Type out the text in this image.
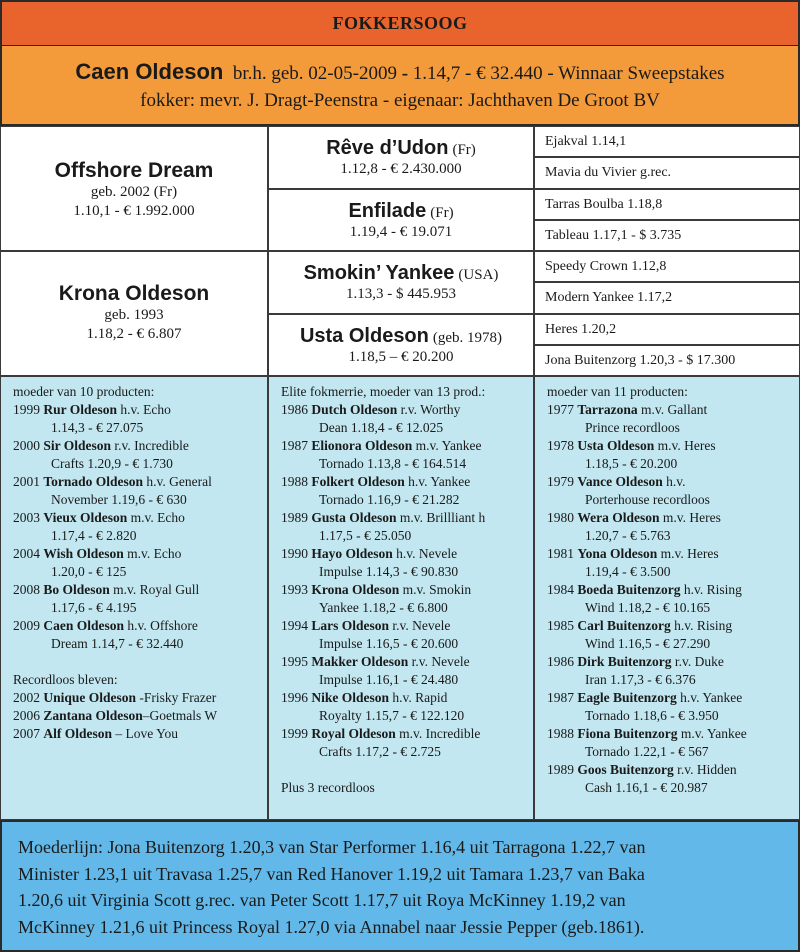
FOKKERSOOG
Caen Oldeson br.h. geb. 02-05-2009 - 1.14,7 - € 32.440 - Winnaar Sweepstakes
fokker: mevr. J. Dragt-Peenstra - eigenaar: Jachthaven De Groot BV
Offshore Dream
geb. 2002 (Fr)
1.10,1 - € 1.992.000
Krona Oldeson
geb. 1993
1.18,2 - € 6.807
Rêve d’Udon (Fr)
1.12,8 - € 2.430.000
Enfilade (Fr)
1.19,4 - € 19.071
Smokin’ Yankee (USA)
1.13,3 - $ 445.953
Usta Oldeson (geb. 1978)
1.18,5 – € 20.200
Ejakval 1.14,1
Mavia du Vivier g.rec.
Tarras Boulba 1.18,8
Tableau 1.17,1 - $ 3.735
Speedy Crown 1.12,8
Modern Yankee 1.17,2
Heres 1.20,2
Jona Buitenzorg 1.20,3 - $ 17.300
moeder van 10 producten:
1999 Rur Oldeson h.v. Echo
1.14,3 - € 27.075
2000 Sir Oldeson r.v. Incredible
Crafts 1.20,9 - € 1.730
2001 Tornado Oldeson h.v. General
November 1.19,6 - € 630
2003 Vieux Oldeson m.v. Echo
1.17,4 - € 2.820
2004 Wish Oldeson m.v. Echo
1.20,0 - € 125
2008 Bo Oldeson m.v. Royal Gull
1.17,6 - € 4.195
2009 Caen Oldeson h.v. Offshore
Dream 1.14,7 - € 32.440
Recordloos bleven:
2002 Unique Oldeson -Frisky Frazer
2006 Zantana Oldeson–Goetmals W
2007 Alf Oldeson – Love You
Elite fokmerrie, moeder van 13 prod.:
1986 Dutch Oldeson r.v. Worthy
Dean 1.18,4 - € 12.025
1987 Elionora Oldeson m.v. Yankee
Tornado 1.13,8 - € 164.514
1988 Folkert Oldeson h.v. Yankee
Tornado 1.16,9 - € 21.282
1989 Gusta Oldeson m.v. Brillliant h
1.17,5 - € 25.050
1990 Hayo Oldeson h.v. Nevele
Impulse 1.14,3 - € 90.830
1993 Krona Oldeson m.v. Smokin
Yankee 1.18,2 - € 6.800
1994 Lars Oldeson r.v. Nevele
Impulse 1.16,5 - € 20.600
1995 Makker Oldeson r.v. Nevele
Impulse 1.16,1 - € 24.480
1996 Nike Oldeson h.v. Rapid
Royalty 1.15,7 - € 122.120
1999 Royal Oldeson m.v. Incredible
Crafts 1.17,2 - € 2.725
Plus 3 recordloos
moeder van 11 producten:
1977 Tarrazona m.v. Gallant
Prince recordloos
1978 Usta Oldeson m.v. Heres
1.18,5 - € 20.200
1979 Vance Oldeson h.v.
Porterhouse recordloos
1980 Wera Oldeson m.v. Heres
1.20,7 - € 5.763
1981 Yona Oldeson m.v. Heres
1.19,4 - € 3.500
1984 Boeda Buitenzorg h.v. Rising
Wind 1.18,2 - € 10.165
1985 Carl Buitenzorg h.v. Rising
Wind 1.16,5 - € 27.290
1986 Dirk Buitenzorg r.v. Duke
Iran 1.17,3 - € 6.376
1987 Eagle Buitenzorg h.v. Yankee
Tornado 1.18,6 - € 3.950
1988 Fiona Buitenzorg m.v. Yankee
Tornado 1.22,1 - € 567
1989 Goos Buitenzorg r.v. Hidden
Cash 1.16,1 - € 20.987
Moederlijn: Jona Buitenzorg 1.20,3 van Star Performer 1.16,4 uit Tarragona 1.22,7 van
Minister 1.23,1 uit Travasa 1.25,7 van Red Hanover 1.19,2 uit Tamara 1.23,7 van Baka
1.20,6 uit Virginia Scott g.rec. van Peter Scott 1.17,7 uit Roya McKinney 1.19,2 van
McKinney 1.21,6 uit Princess Royal 1.27,0 via Annabel naar Jessie Pepper (geb.1861).
